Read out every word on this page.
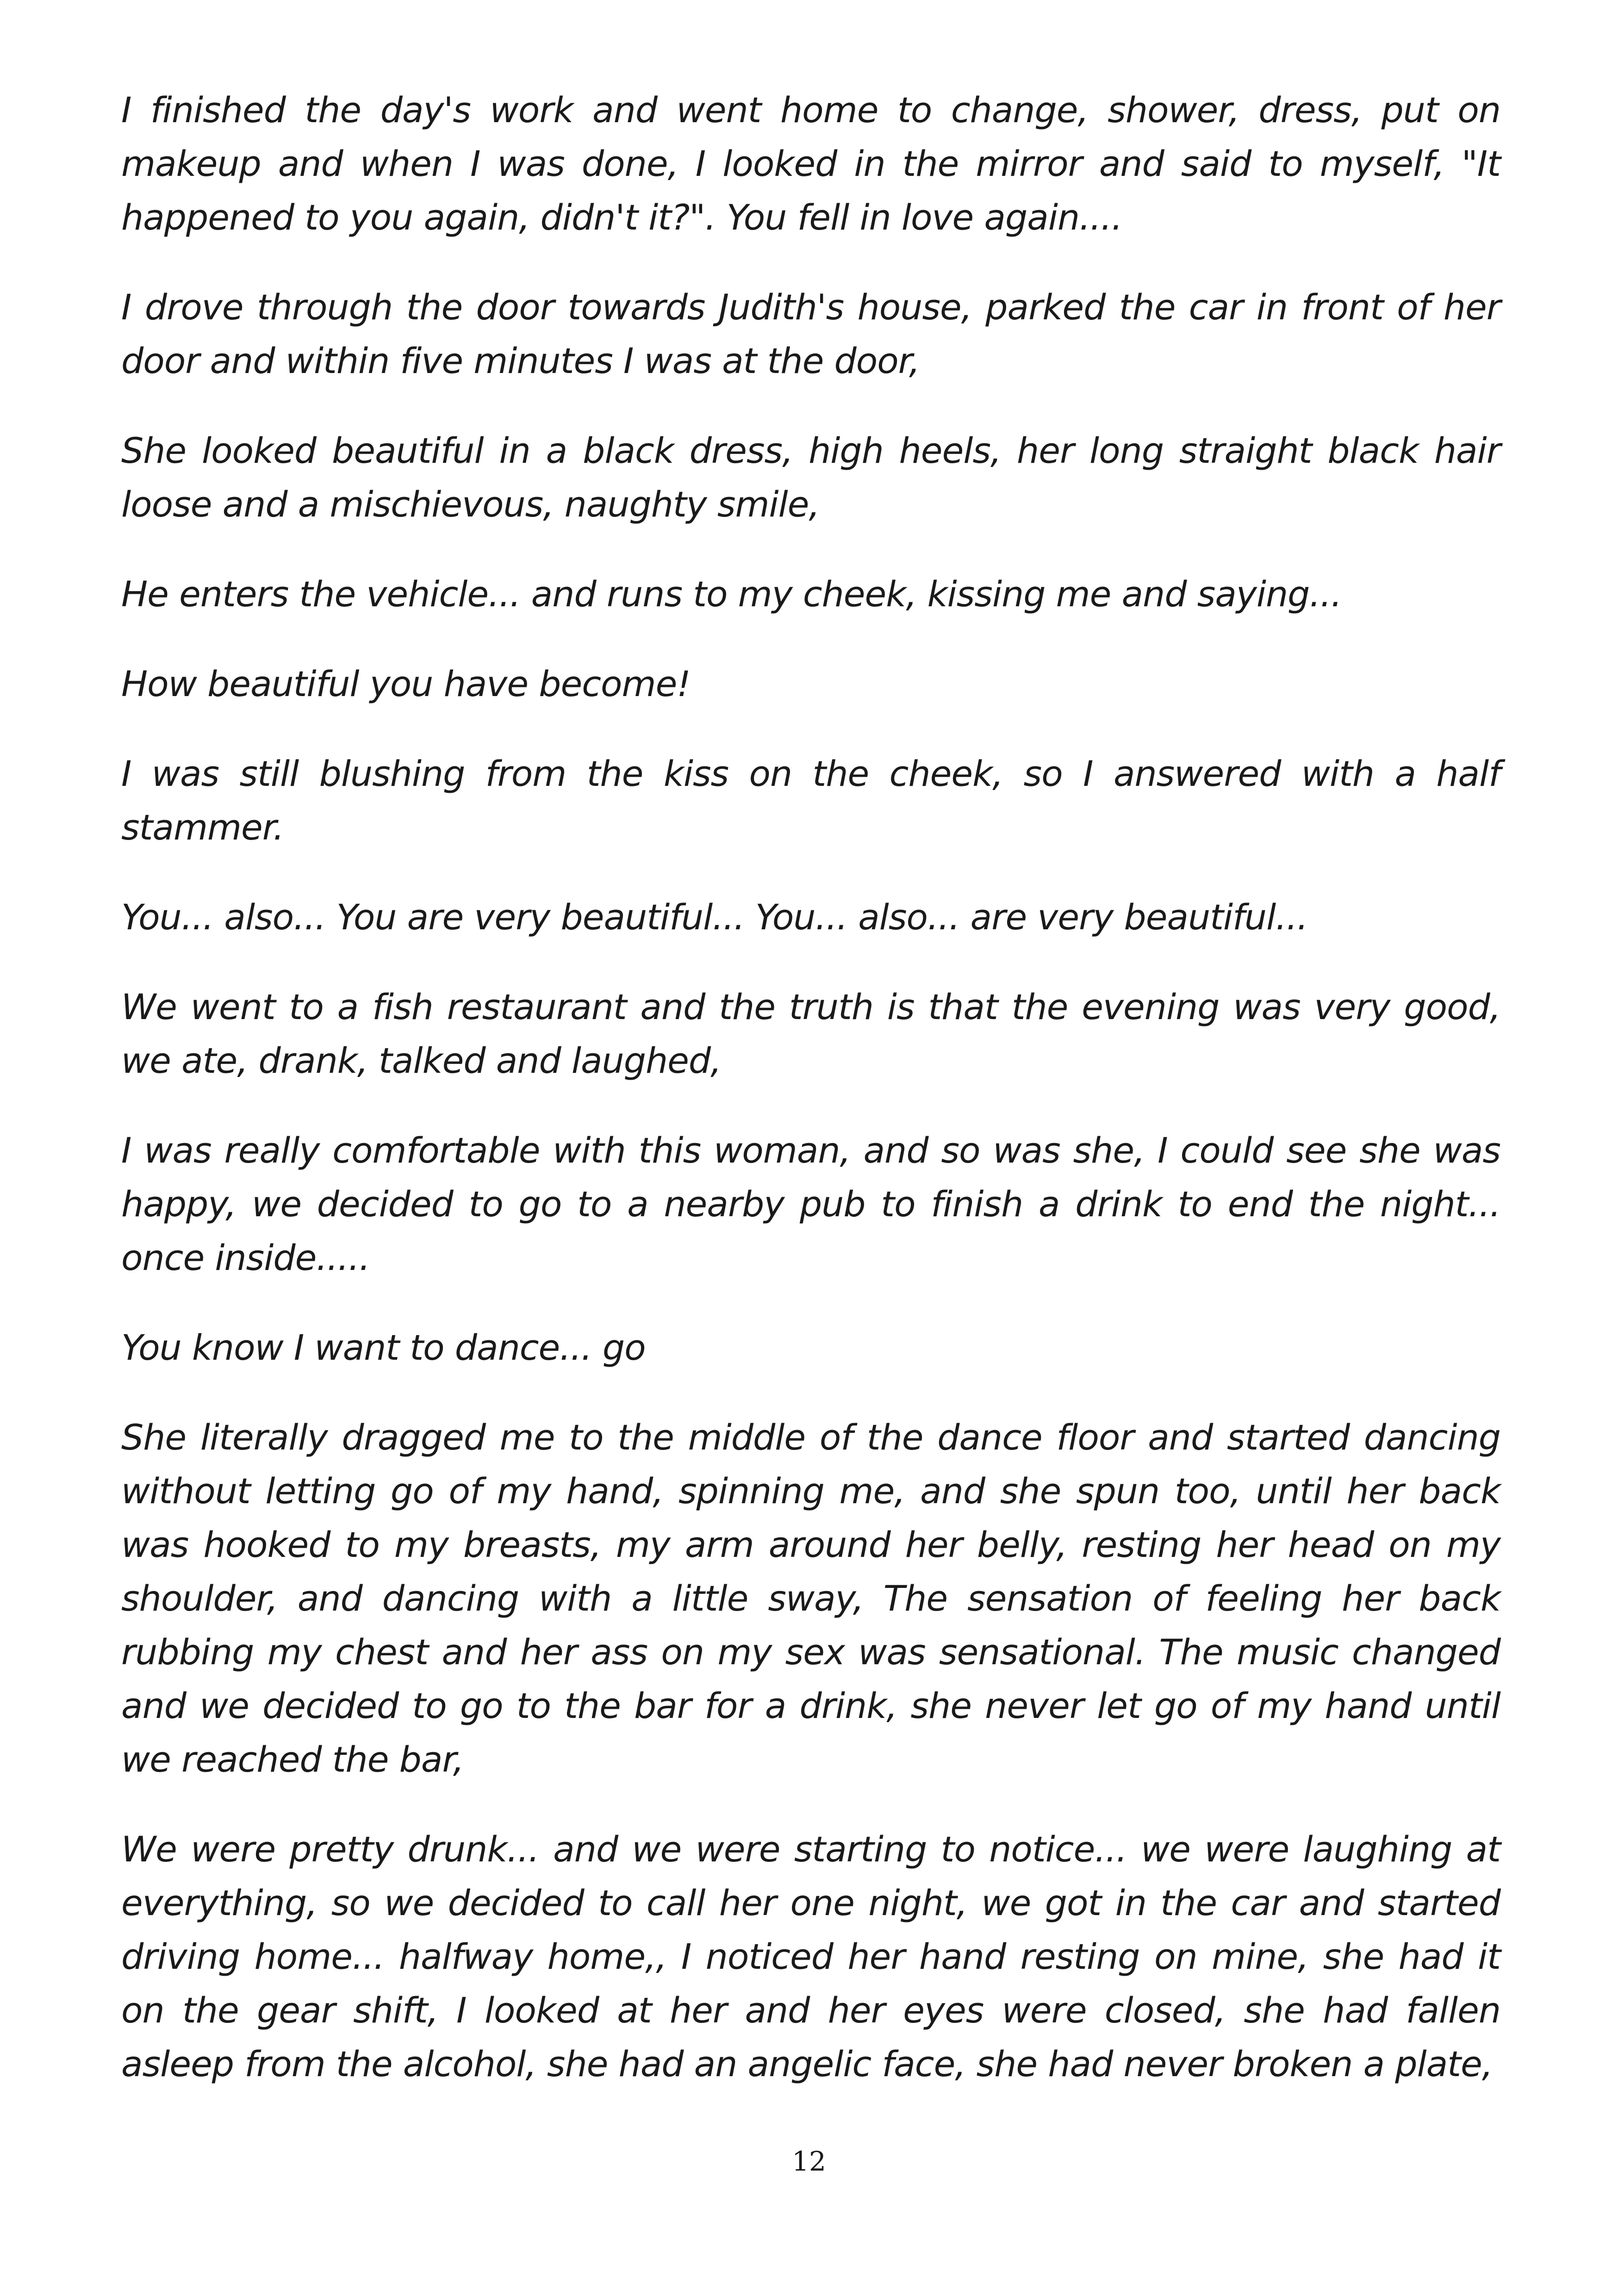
I finished the day's work and went home to change, shower, dress, put on makeup and when I was done, I looked in the mirror and said to myself, "It happened to you again, didn't it?". You fell in love again....

I drove through the door towards Judith's house, parked the car in front of her door and within five minutes I was at the door,

She looked beautiful in a black dress, high heels, her long straight black hair loose and a mischievous, naughty smile,

He enters the vehicle... and runs to my cheek, kissing me and saying...

How beautiful you have become!

I was still blushing from the kiss on the cheek, so I answered with a half stammer.

You... also... You are very beautiful... You... also... are very beautiful...

We went to a fish restaurant and the truth is that the evening was very good, we ate, drank, talked and laughed,

I was really comfortable with this woman, and so was she, I could see she was happy, we decided to go to a nearby pub to finish a drink to end the night... once inside.....

You know I want to dance... go

She literally dragged me to the middle of the dance floor and started dancing without letting go of my hand, spinning me, and she spun too, until her back was hooked to my breasts, my arm around her belly, resting her head on my shoulder, and dancing with a little sway, The sensation of feeling her back rubbing my chest and her ass on my sex was sensational. The music changed and we decided to go to the bar for a drink, she never let go of my hand until we reached the bar,

We were pretty drunk... and we were starting to notice... we were laughing at everything, so we decided to call her one night, we got in the car and started driving home... halfway home,, I noticed her hand resting on mine, she had it on the gear shift, I looked at her and her eyes were closed, she had fallen asleep from the alcohol, she had an angelic face, she had never broken a plate,

12
